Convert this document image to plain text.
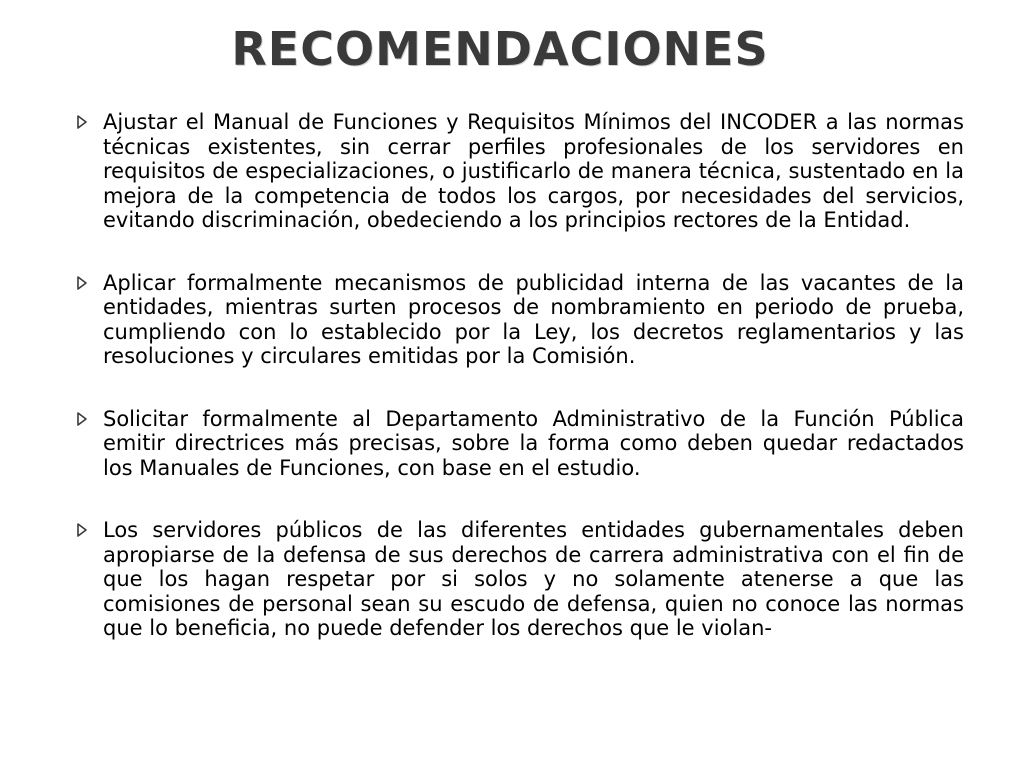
RECOMENDACIONES
Ajustar el Manual de Funciones y Requisitos Mínimos del INCODER a las normas técnicas existentes, sin cerrar perfiles profesionales de los servidores en requisitos de especializaciones, o justificarlo de manera técnica, sustentado en la mejora de la competencia de todos los cargos, por necesidades del servicios, evitando discriminación, obedeciendo a los principios rectores de la Entidad.
Aplicar formalmente mecanismos de publicidad interna de las vacantes de la entidades, mientras surten procesos de nombramiento en periodo de prueba, cumpliendo con lo establecido por la Ley, los decretos reglamentarios y las resoluciones y circulares emitidas por la Comisión.
Solicitar formalmente al Departamento Administrativo de la Función Pública emitir directrices más precisas, sobre la forma como deben quedar redactados los Manuales de Funciones, con base en el estudio.
Los servidores públicos de las diferentes entidades gubernamentales deben apropiarse de la defensa de sus derechos de carrera administrativa con el fin de que los hagan respetar por si solos y no solamente atenerse a que las comisiones de personal sean su escudo de defensa, quien no conoce las normas que lo beneficia, no puede defender los derechos que le violan-
